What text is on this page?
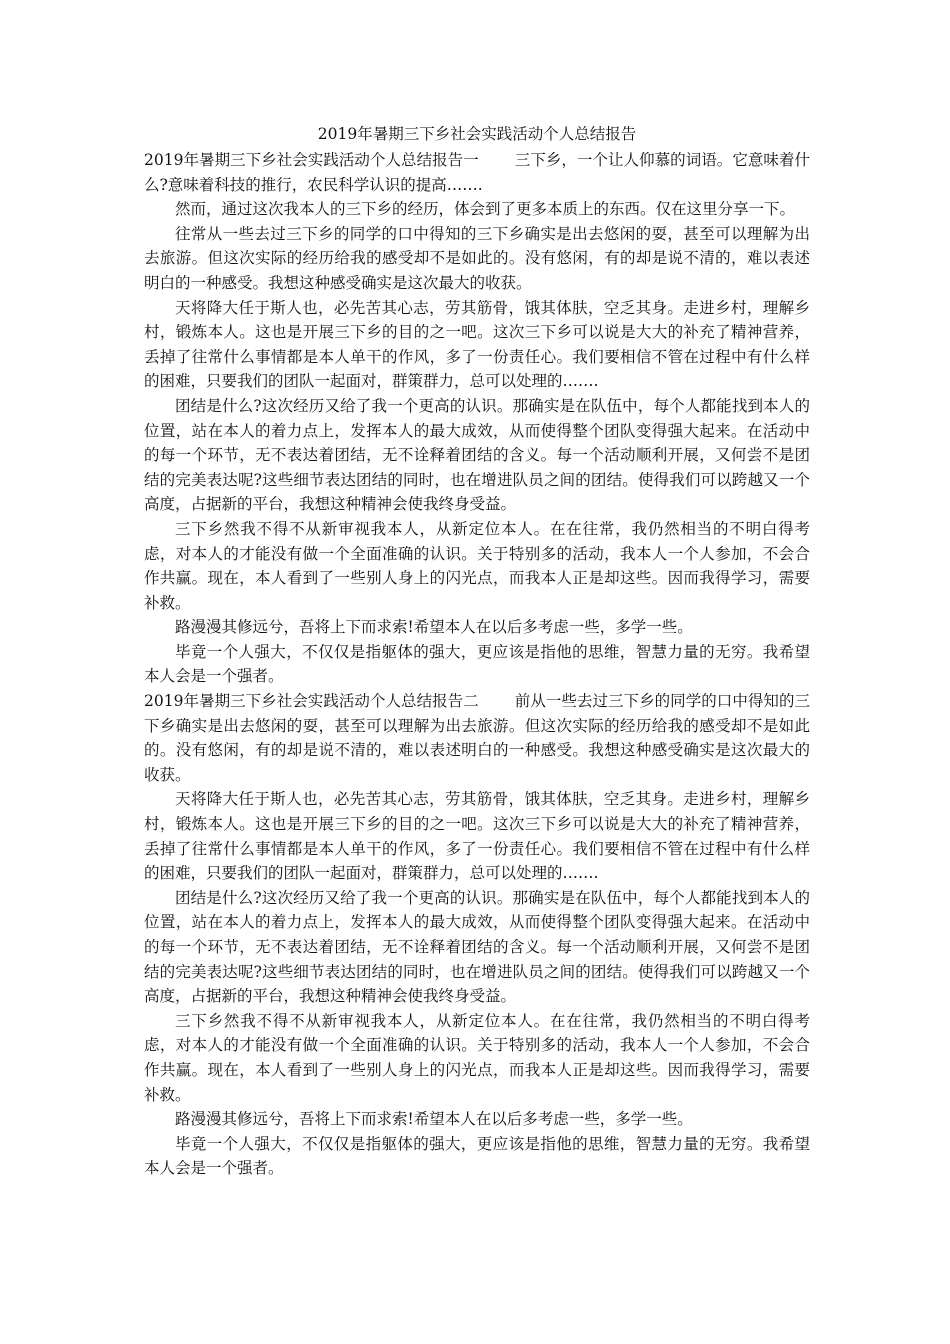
2019年暑期三下乡社会实践活动个人总结报告

2019年暑期三下乡社会实践活动个人总结报告一 三下乡，一个让人仰慕的词语。它意味着什么?意味着科技的推行，农民科学认识的提高…….

然而，通过这次我本人的三下乡的经历，体会到了更多本质上的东西。仅在这里分享一下。

往常从一些去过三下乡的同学的口中得知的三下乡确实是出去悠闲的耍，甚至可以理解为出去旅游。但这次实际的经历给我的感受却不是如此的。没有悠闲，有的却是说不清的，难以表述明白的一种感受。我想这种感受确实是这次最大的收获。

天将降大任于斯人也，必先苦其心志，劳其筋骨，饿其体肤，空乏其身。走进乡村，理解乡村，锻炼本人。这也是开展三下乡的目的之一吧。这次三下乡可以说是大大的补充了精神营养，丢掉了往常什么事情都是本人单干的作风，多了一份责任心。我们要相信不管在过程中有什么样的困难，只要我们的团队一起面对，群策群力，总可以处理的…….

团结是什么?这次经历又给了我一个更高的认识。那确实是在队伍中，每个人都能找到本人的位置，站在本人的着力点上，发挥本人的最大成效，从而使得整个团队变得强大起来。在活动中的每一个环节，无不表达着团结，无不诠释着团结的含义。每一个活动顺利开展，又何尝不是团结的完美表达呢?这些细节表达团结的同时，也在增进队员之间的团结。使得我们可以跨越又一个高度，占据新的平台，我想这种精神会使我终身受益。

三下乡然我不得不从新审视我本人，从新定位本人。在在往常，我仍然相当的不明白得考虑，对本人的才能没有做一个全面准确的认识。关于特别多的活动，我本人一个人参加，不会合作共赢。现在，本人看到了一些别人身上的闪光点，而我本人正是却这些。因而我得学习，需要补救。

路漫漫其修远兮，吾将上下而求索!希望本人在以后多考虑一些，多学一些。

毕竟一个人强大，不仅仅是指躯体的强大，更应该是指他的思维，智慧力量的无穷。我希望本人会是一个强者。

2019年暑期三下乡社会实践活动个人总结报告二 前从一些去过三下乡的同学的口中得知的三下乡确实是出去悠闲的耍，甚至可以理解为出去旅游。但这次实际的经历给我的感受却不是如此的。没有悠闲，有的却是说不清的，难以表述明白的一种感受。我想这种感受确实是这次最大的收获。

天将降大任于斯人也，必先苦其心志，劳其筋骨，饿其体肤，空乏其身。走进乡村，理解乡村，锻炼本人。这也是开展三下乡的目的之一吧。这次三下乡可以说是大大的补充了精神营养，丢掉了往常什么事情都是本人单干的作风，多了一份责任心。我们要相信不管在过程中有什么样的困难，只要我们的团队一起面对，群策群力，总可以处理的…….

团结是什么?这次经历又给了我一个更高的认识。那确实是在队伍中，每个人都能找到本人的位置，站在本人的着力点上，发挥本人的最大成效，从而使得整个团队变得强大起来。在活动中的每一个环节，无不表达着团结，无不诠释着团结的含义。每一个活动顺利开展，又何尝不是团结的完美表达呢?这些细节表达团结的同时，也在增进队员之间的团结。使得我们可以跨越又一个高度，占据新的平台，我想这种精神会使我终身受益。

三下乡然我不得不从新审视我本人，从新定位本人。在在往常，我仍然相当的不明白得考虑，对本人的才能没有做一个全面准确的认识。关于特别多的活动，我本人一个人参加，不会合作共赢。现在，本人看到了一些别人身上的闪光点，而我本人正是却这些。因而我得学习，需要补救。

路漫漫其修远兮，吾将上下而求索!希望本人在以后多考虑一些，多学一些。

毕竟一个人强大，不仅仅是指躯体的强大，更应该是指他的思维，智慧力量的无穷。我希望本人会是一个强者。
